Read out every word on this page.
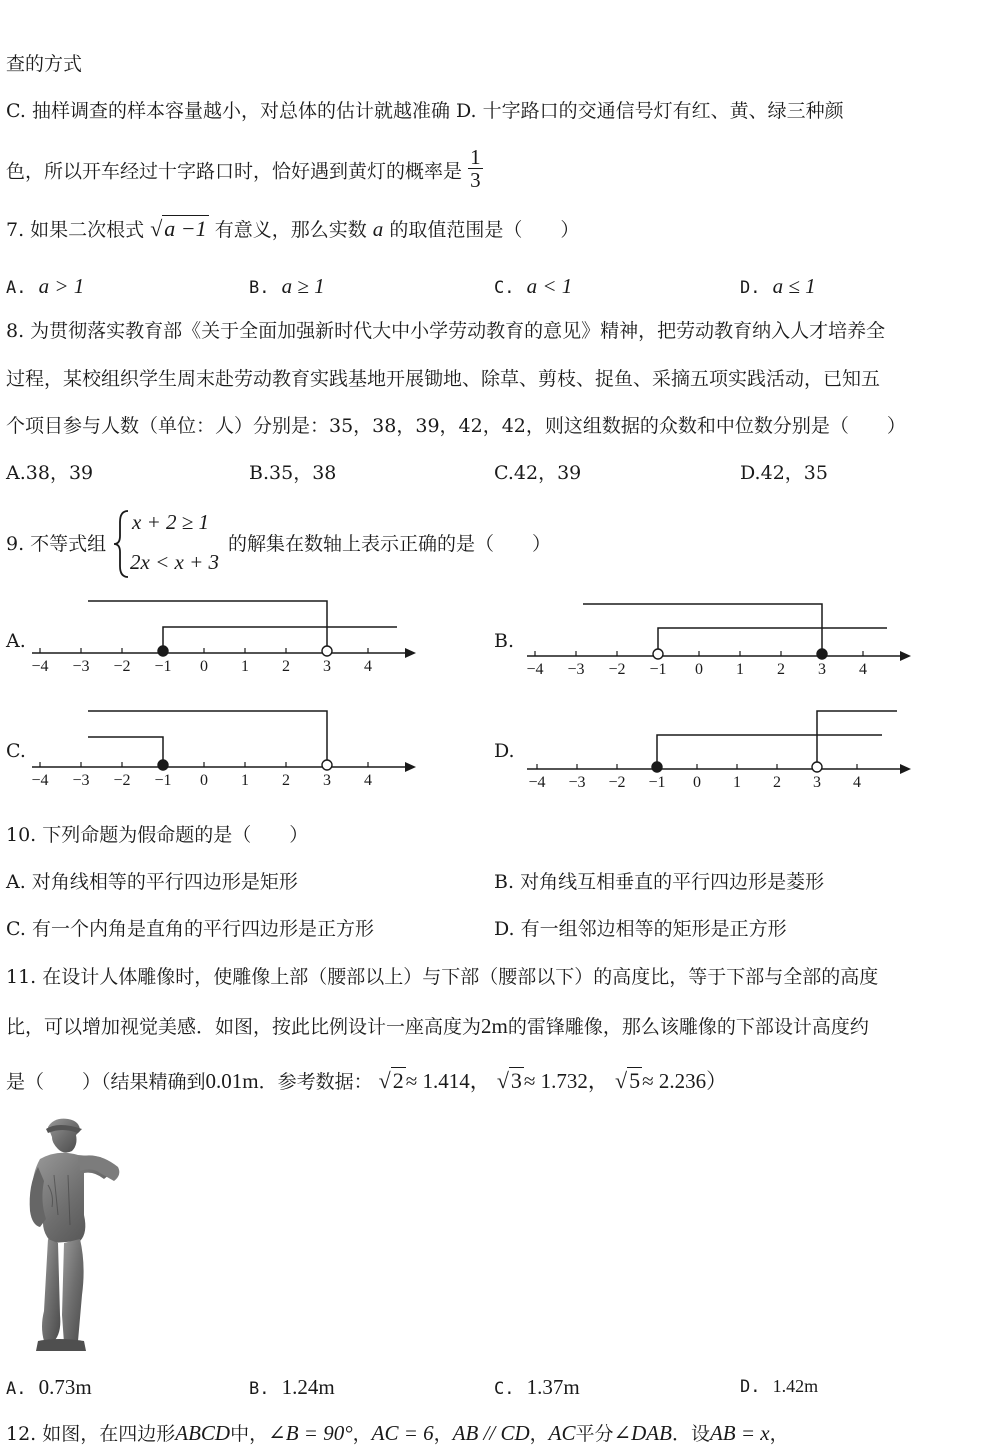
查的方式
C. 抽样调查的样本容量越小，对总体的估计就越准确 D. 十字路口的交通信号灯有红、黄、绿三种颜
色，所以开车经过十字路口时，恰好遇到黄灯的概率是 $\frac{1}{3}$
7. 如果二次根式 √a −1 有意义，那么实数 a 的取值范围是（　　）
A. a > 1	B. a ≥ 1	C. a < 1	D. a ≤ 1
8. 为贯彻落实教育部《关于全面加强新时代大中小学劳动教育的意见》精神，把劳动教育纳入人才培养全
过程，某校组织学生周末赴劳动教育实践基地开展锄地、除草、剪枝、捉鱼、采摘五项实践活动，已知五
个项目参与人数（单位：人）分别是：35，38，39，42，42，则这组数据的众数和中位数分别是（　　）
A.38，39	B.35，38	C.42，39	D.42，35
9. 不等式组
x + 2 ≥ 1
2x < x + 3
的解集在数轴上表示正确的是（　　）
A.	B.
C.	D.
−4 −3 −2 −1 0 1 2 3 4	−4 −3 −2 −1 0 1 2 3 4
−4 −3 −2 −1 0 1 2 3 4	−4 −3 −2 −1 0 1 2 3 4
10. 下列命题为假命题的是（　　）
A. 对角线相等的平行四边形是矩形	B. 对角线互相垂直的平行四边形是菱形
C. 有一个内角是直角的平行四边形是正方形	D. 有一组邻边相等的矩形是正方形
11. 在设计人体雕像时，使雕像上部（腰部以上）与下部（腰部以下）的高度比，等于下部与全部的高度
比，可以增加视觉美感．如图，按此比例设计一座高度为2m的雷锋雕像，那么该雕像的下部设计高度约
是（　　）（结果精确到0.01m．参考数据： √2≈ 1.414， √3≈ 1.732， √5≈ 2.236）
A. 0.73m	B. 1.24m	C. 1.37m	D. 1.42m
12. 如图，在四边形ABCD中，∠B = 90°，AC = 6，AB // CD，AC平分∠DAB．设AB = x，
